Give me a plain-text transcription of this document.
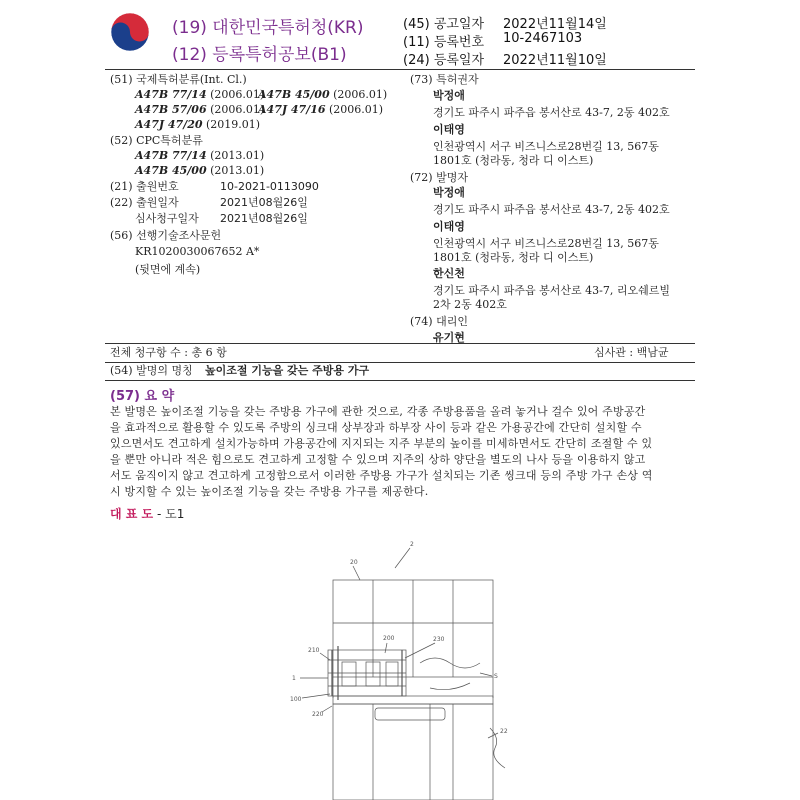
(19) 대한민국특허청(KR)
(12) 등록특허공보(B1)
(45) 공고일자 2022년11월14일
(11) 등록번호 10-2467103
(24) 등록일자 2022년11월10일
(51) 국제특허분류(Int. Cl.)
A47B 77/14 (2006.01)
A47B 45/00 (2006.01)
A47B 57/06 (2006.01)
A47J 47/16 (2006.01)
A47J 47/20 (2019.01)
(52) CPC특허분류
A47B 77/14 (2013.01)
A47B 45/00 (2013.01)
(21) 출원번호	10-2021-0113090
(22) 출원일자	2021년08월26일
심사청구일자 2021년08월26일
(56) 선행기술조사문헌
KR1020030067652 A*
(뒷면에 계속)
(73) 특허권자
박정애
경기도 파주시 파주읍 봉서산로 43-7, 2동 402호
이태영
인천광역시 서구 비즈니스로28번길 13, 567동
1801호 (청라동, 청라 디 이스트)
(72) 발명자
박정애
경기도 파주시 파주읍 봉서산로 43-7, 2동 402호
이태영
인천광역시 서구 비즈니스로28번길 13, 567동
1801호 (청라동, 청라 디 이스트)
한신천
경기도 파주시 파주읍 봉서산로 43-7, 리오쉐르빌
2차 2동 402호
(74) 대리인
유기현
전체 청구항 수 : 총 6 항	심사관 : 백남균
(54) 발명의 명칭 높이조절 기능을 갖는 주방용 가구
(57) 요 약
본 발명은 높이조절 기능을 갖는 주방용 가구에 관한 것으로, 각종 주방용품을 올려 놓거나 걸수 있어 주방공간
을 효과적으로 활용할 수 있도록 주방의 싱크대 상부장과 하부장 사이 등과 같은 가용공간에 간단히 설치할 수
있으면서도 견고하게 설치가능하며 가용공간에 지지되는 지주 부분의 높이를 미세하면서도 간단히 조절할 수 있
을 뿐만 아니라 적은 힘으로도 견고하게 고정할 수 있으며 지주의 상하 양단을 별도의 나사 등을 이용하지 않고
서도 움직이지 않고 견고하게 고정함으로서 이러한 주방용 가구가 설치되는 기존 씽크대 등의 주방 가구 손상 역
시 방지할 수 있는 높이조절 기능을 갖는 주방용 가구를 제공한다.
대 표 도 - 도1
2
20
200	230
210
1
100
220
S
22
